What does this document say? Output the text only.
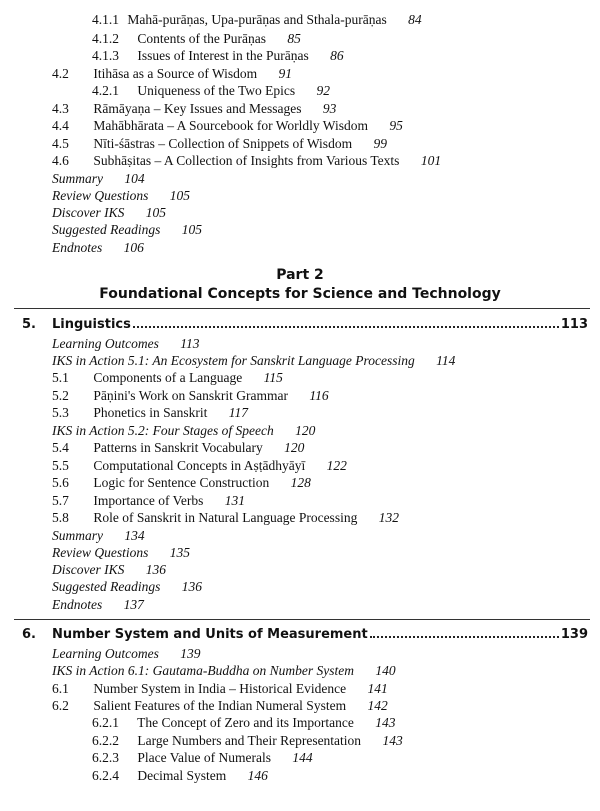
4.1.1 Mahā-purāṇas, Upa-purāṇas and Sthala-purāṇas 84
4.1.2 Contents of the Purāṇas 85
4.1.3 Issues of Interest in the Purāṇas 86
4.2 Itihāsa as a Source of Wisdom 91
4.2.1 Uniqueness of the Two Epics 92
4.3 Rāmāyaṇa – Key Issues and Messages 93
4.4 Mahābhārata – A Sourcebook for Worldly Wisdom 95
4.5 Nīti-śāstras – Collection of Snippets of Wisdom 99
4.6 Subhāṣitas – A Collection of Insights from Various Texts 101
Summary 104
Review Questions 105
Discover IKS 105
Suggested Readings 105
Endnotes 106
Part 2
Foundational Concepts for Science and Technology
5.	Linguistics	113
Learning Outcomes 113
IKS in Action 5.1: An Ecosystem for Sanskrit Language Processing 114
5.1 Components of a Language 115
5.2 Pāṇini's Work on Sanskrit Grammar 116
5.3 Phonetics in Sanskrit 117
IKS in Action 5.2: Four Stages of Speech 120
5.4 Patterns in Sanskrit Vocabulary 120
5.5 Computational Concepts in Aṣṭādhyāyī 122
5.6 Logic for Sentence Construction 128
5.7 Importance of Verbs 131
5.8 Role of Sanskrit in Natural Language Processing 132
Summary 134
Review Questions 135
Discover IKS 136
Suggested Readings 136
Endnotes 137
6.	Number System and Units of Measurement	139
Learning Outcomes 139
IKS in Action 6.1: Gautama-Buddha on Number System 140
6.1 Number System in India – Historical Evidence 141
6.2 Salient Features of the Indian Numeral System 142
6.2.1 The Concept of Zero and its Importance 143
6.2.2 Large Numbers and Their Representation 143
6.2.3 Place Value of Numerals 144
6.2.4 Decimal System 146
